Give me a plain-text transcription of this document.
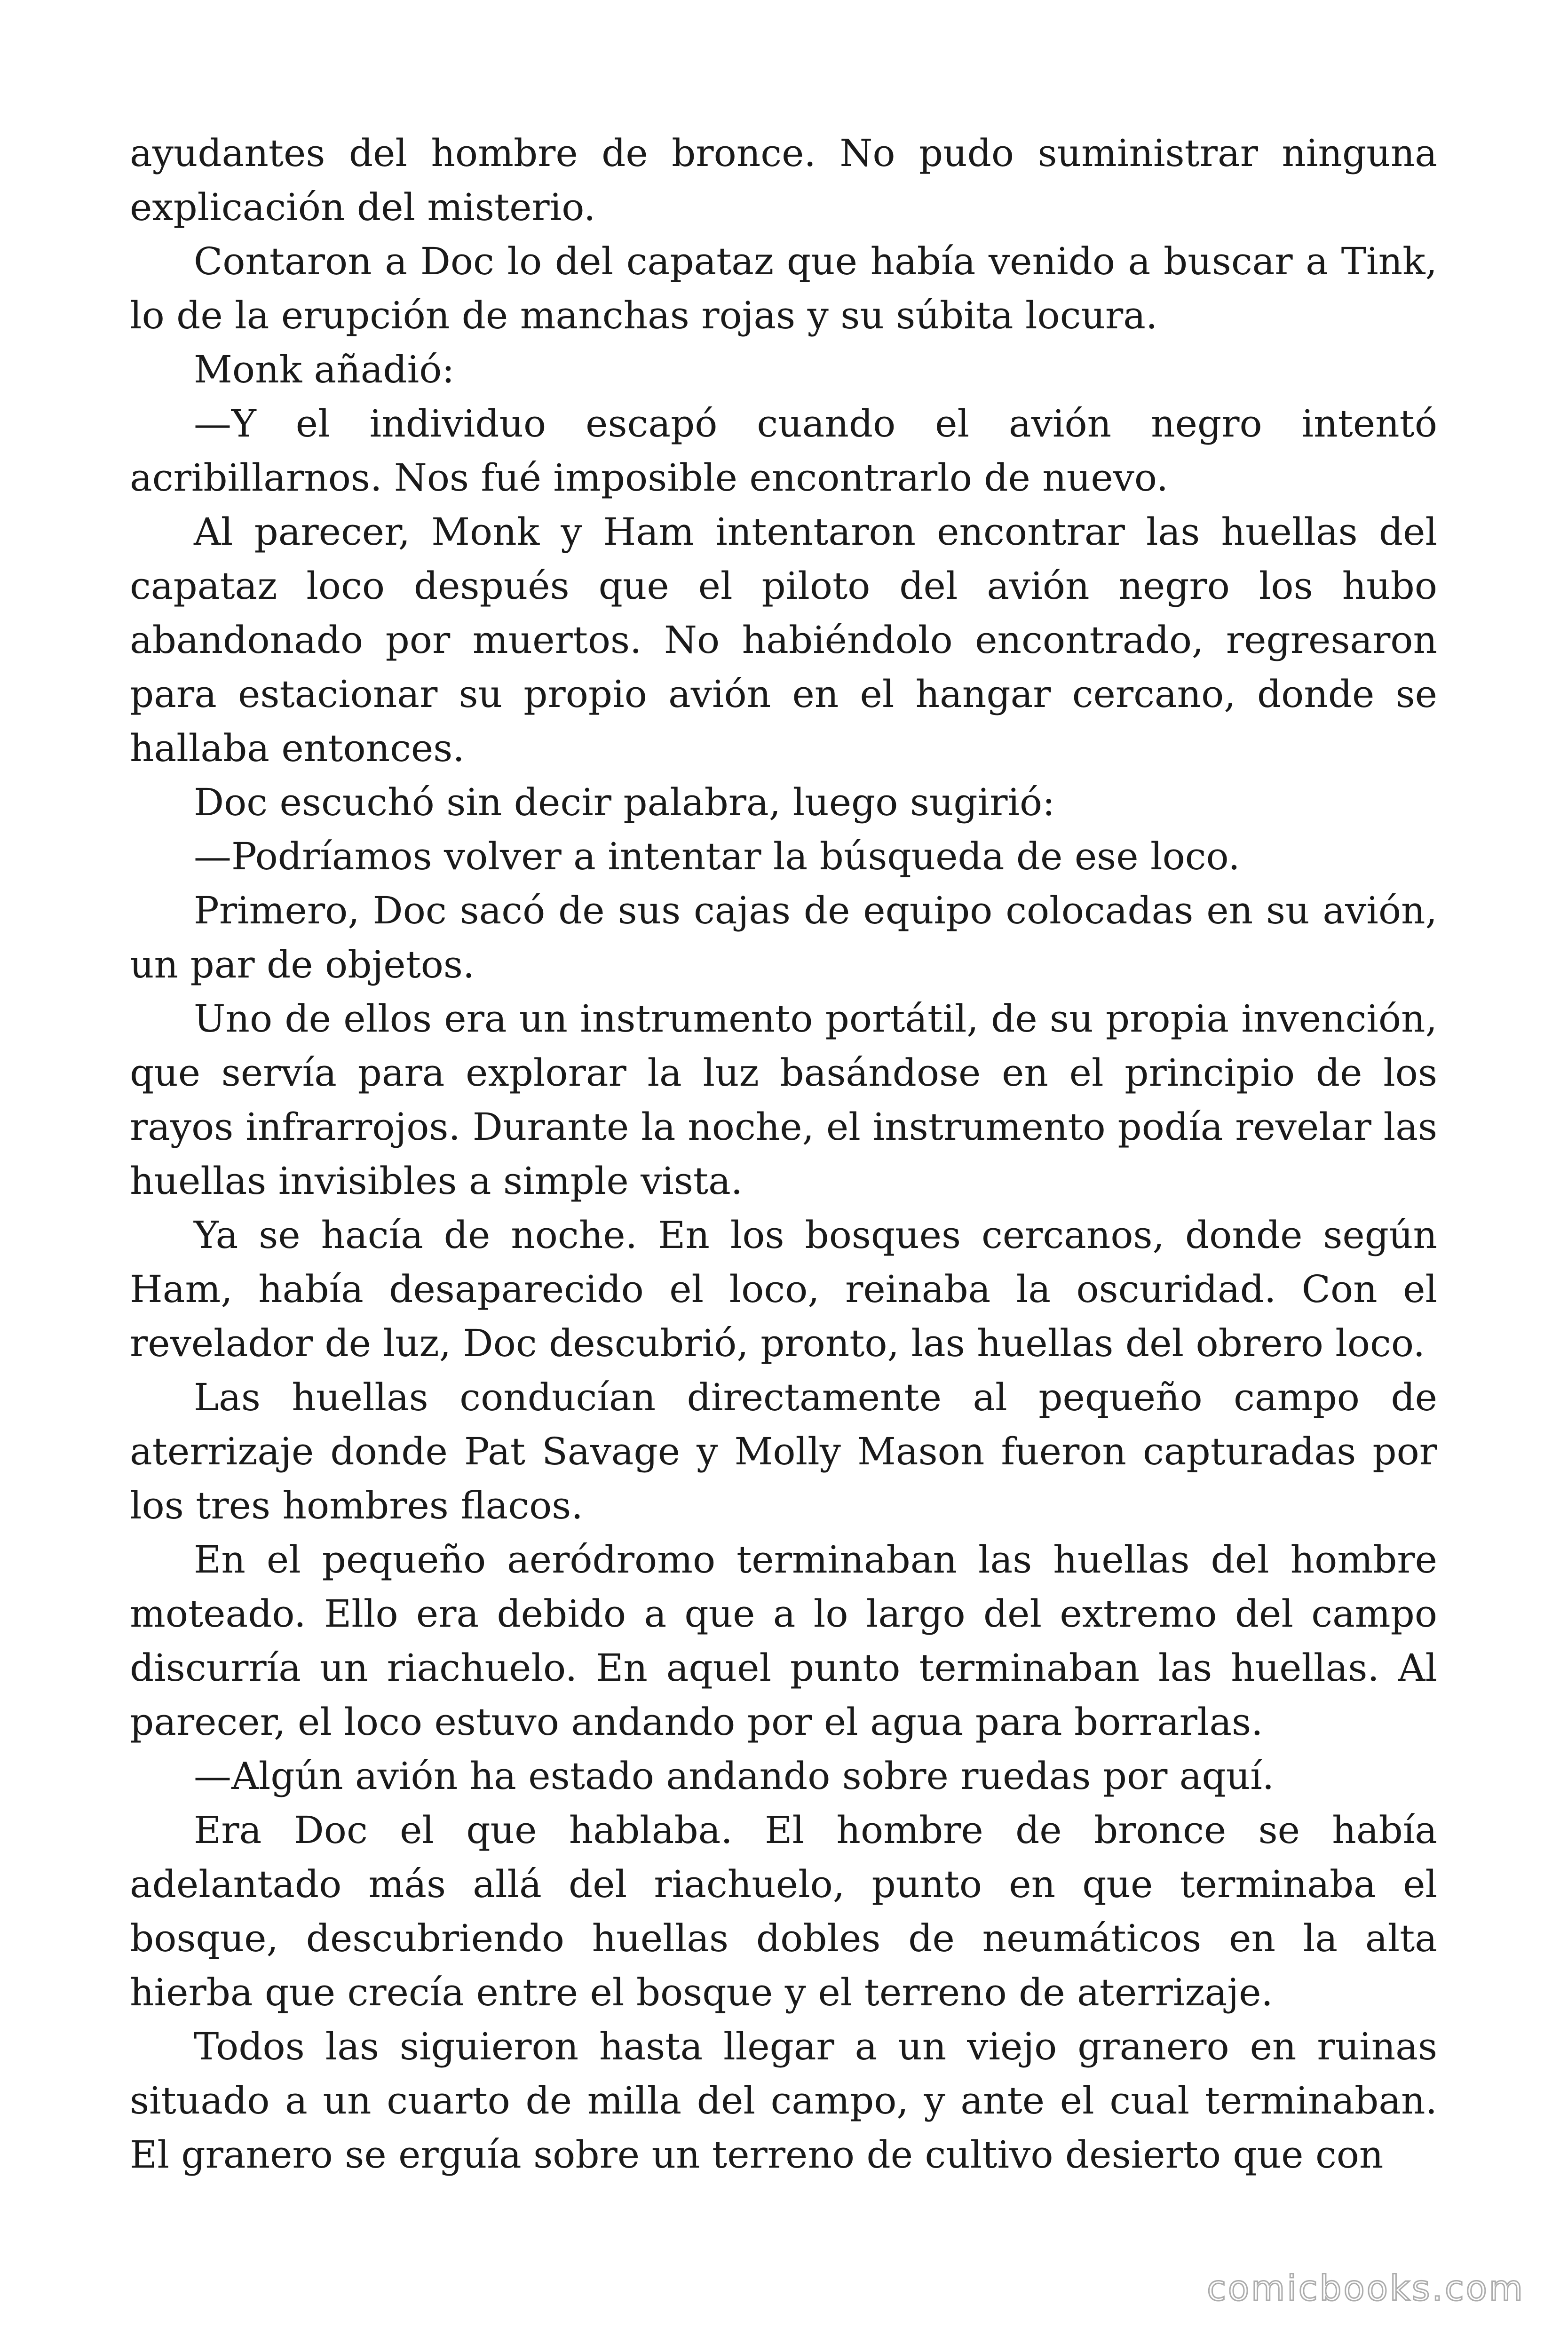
ayudantes del hombre de bronce. No pudo suministrar ninguna explicación del misterio.

Contaron a Doc lo del capataz que había venido a buscar a Tink, lo de la erupción de manchas rojas y su súbita locura.

Monk añadió:

—Y el individuo escapó cuando el avión negro intentó acribillarnos. Nos fué imposible encontrarlo de nuevo.

Al parecer, Monk y Ham intentaron encontrar las huellas del capataz loco después que el piloto del avión negro los hubo abandonado por muertos. No habiéndolo encontrado, regresaron para estacionar su propio avión en el hangar cercano, donde se hallaba entonces.

Doc escuchó sin decir palabra, luego sugirió:

—Podríamos volver a intentar la búsqueda de ese loco.

Primero, Doc sacó de sus cajas de equipo colocadas en su avión, un par de objetos.

Uno de ellos era un instrumento portátil, de su propia invención, que servía para explorar la luz basándose en el principio de los rayos infrarrojos. Durante la noche, el instrumento podía revelar las huellas invisibles a simple vista.

Ya se hacía de noche. En los bosques cercanos, donde según Ham, había desaparecido el loco, reinaba la oscuridad. Con el revelador de luz, Doc descubrió, pronto, las huellas del obrero loco.

Las huellas conducían directamente al pequeño campo de aterrizaje donde Pat Savage y Molly Mason fueron capturadas por los tres hombres flacos.

En el pequeño aeródromo terminaban las huellas del hombre moteado. Ello era debido a que a lo largo del extremo del campo discurría un riachuelo. En aquel punto terminaban las huellas. Al parecer, el loco estuvo andando por el agua para borrarlas.

—Algún avión ha estado andando sobre ruedas por aquí.

Era Doc el que hablaba. El hombre de bronce se había adelantado más allá del riachuelo, punto en que terminaba el bosque, descubriendo huellas dobles de neumáticos en la alta hierba que crecía entre el bosque y el terreno de aterrizaje.

Todos las siguieron hasta llegar a un viejo granero en ruinas situado a un cuarto de milla del campo, y ante el cual terminaban. El granero se erguía sobre un terreno de cultivo desierto que con

comicbooks.com
